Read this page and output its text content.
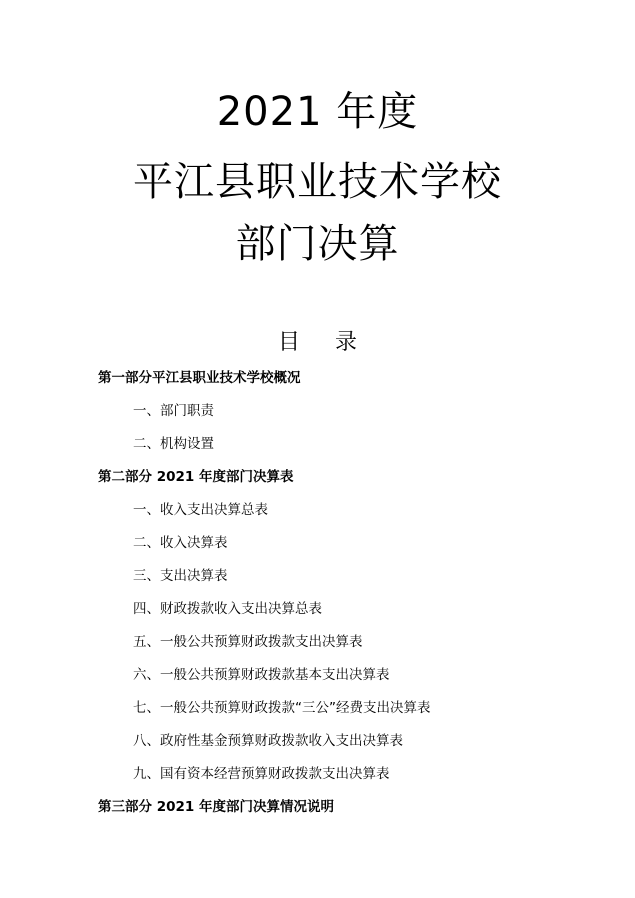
2021 年度
平江县职业技术学校
部门决算
目 录
第一部分平江县职业技术学校概况
一、部门职责
二、机构设置
第二部分 2021 年度部门决算表
一、收入支出决算总表
二、收入决算表
三、支出决算表
四、财政拨款收入支出决算总表
五、一般公共预算财政拨款支出决算表
六、一般公共预算财政拨款基本支出决算表
七、一般公共预算财政拨款“三公”经费支出决算表
八、政府性基金预算财政拨款收入支出决算表
九、国有资本经营预算财政拨款支出决算表
第三部分 2021 年度部门决算情况说明
